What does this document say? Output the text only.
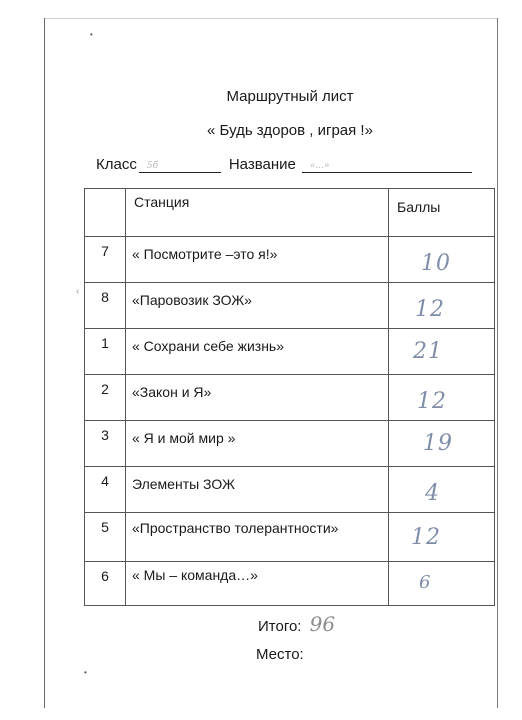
•
•
‹
Маршрутный лист
« Будь здоров , играя !»
Класс 5б	Название «...»

	Станция	Баллы

7	« Посмотрите –это я!»	10

8	«Паровозик ЗОЖ»	12

1	« Сохрани себе жизнь»	21

2	«Закон и Я»	12

3	« Я и мой мир »	19

4	Элементы ЗОЖ	4

5	«Пространство толерантности»	12

6	« Мы – команда…»	6
Итого: 96
Место:
